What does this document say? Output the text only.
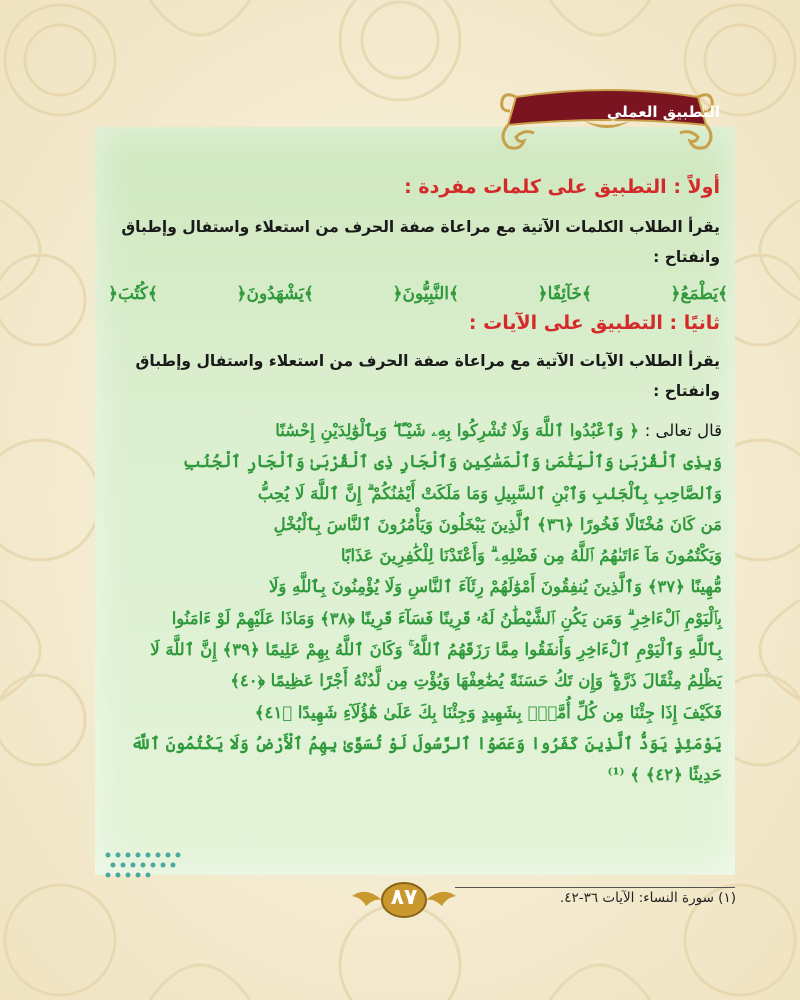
التطبيق العملي
أولاً : التطبيق على كلمات مفردة :
يقرأ الطلاب الكلمات الآتية مع مراعاة صفة الحرف من استعلاء واستفال وإطباق
وانفتاح :
﴿يَطْمَعُ﴾
﴿خَآئِفًا﴾
﴿النَّبِيُّونَ﴾
﴿يَشْهَدُونَ﴾
﴿كُتُبَ﴾
ثانيًا : التطبيق على الآيات :
يقرأ الطلاب الآيات الآتية مع مراعاة صفة الحرف من استعلاء واستفال وإطباق
وانفتاح :
قال تعالى : ﴿ وَٱعْبُدُوا ٱللَّهَ وَلَا تُشْرِكُوا بِهِۦ شَيْـًٔا ۖ وَبِٱلْوَٰلِدَيْنِ إِحْسَٰنًا
وَبِذِى ٱلْقُرْبَىٰ وَٱلْيَتَٰمَىٰ وَٱلْمَسَٰكِينِ وَٱلْجَارِ ذِى ٱلْقُرْبَىٰ وَٱلْجَارِ ٱلْجُنُبِ
وَٱلصَّاحِبِ بِٱلْجَنۢبِ وَٱبْنِ ٱلسَّبِيلِ وَمَا مَلَكَتْ أَيْمَٰنُكُمْ ۗ إِنَّ ٱللَّهَ لَا يُحِبُّ
مَن كَانَ مُخْتَالًا فَخُورًا ﴿٣٦﴾ ٱلَّذِينَ يَبْخَلُونَ وَيَأْمُرُونَ ٱلنَّاسَ بِٱلْبُخْلِ
وَيَكْتُمُونَ مَآ ءَاتَىٰهُمُ ٱللَّهُ مِن فَضْلِهِۦ ۗ وَأَعْتَدْنَا لِلْكَٰفِرِينَ عَذَابًا
مُّهِينًا ﴿٣٧﴾ وَٱلَّذِينَ يُنفِقُونَ أَمْوَٰلَهُمْ رِئَآءَ ٱلنَّاسِ وَلَا يُؤْمِنُونَ بِٱللَّهِ وَلَا
بِٱلْيَوْمِ ٱلْءَاخِرِ ۗ وَمَن يَكُنِ ٱلشَّيْطَٰنُ لَهُۥ قَرِينًا فَسَآءَ قَرِينًا ﴿٣٨﴾ وَمَاذَا عَلَيْهِمْ لَوْ ءَامَنُوا
بِٱللَّهِ وَٱلْيَوْمِ ٱلْءَاخِرِ وَأَنفَقُوا مِمَّا رَزَقَهُمُ ٱللَّهُ ۚ وَكَانَ ٱللَّهُ بِهِمْ عَلِيمًا ﴿٣٩﴾ إِنَّ ٱللَّهَ لَا
يَظْلِمُ مِثْقَالَ ذَرَّةٍ ۖ وَإِن تَكُ حَسَنَةً يُضَٰعِفْهَا وَيُؤْتِ مِن لَّدُنْهُ أَجْرًا عَظِيمًا ﴿٤٠﴾
فَكَيْفَ إِذَا جِئْنَا مِن كُلِّ أُمَّةٍۭ بِشَهِيدٍ وَجِئْنَا بِكَ عَلَىٰ هَٰٓؤُلَآءِ شَهِيدًا ﴿٤١﴾
يَوْمَئِذٍ يَوَدُّ ٱلَّذِينَ كَفَرُوا وَعَصَوُا ٱلرَّسُولَ لَوْ تُسَوَّىٰ بِهِمُ ٱلْأَرْضُ وَلَا يَكْتُمُونَ ٱللَّهَ
حَدِيثًا ﴿٤٢﴾ ﴾ ⁽¹⁾
(١) سورة النساء: الآيات ٣٦-٤٢.
٨٧
